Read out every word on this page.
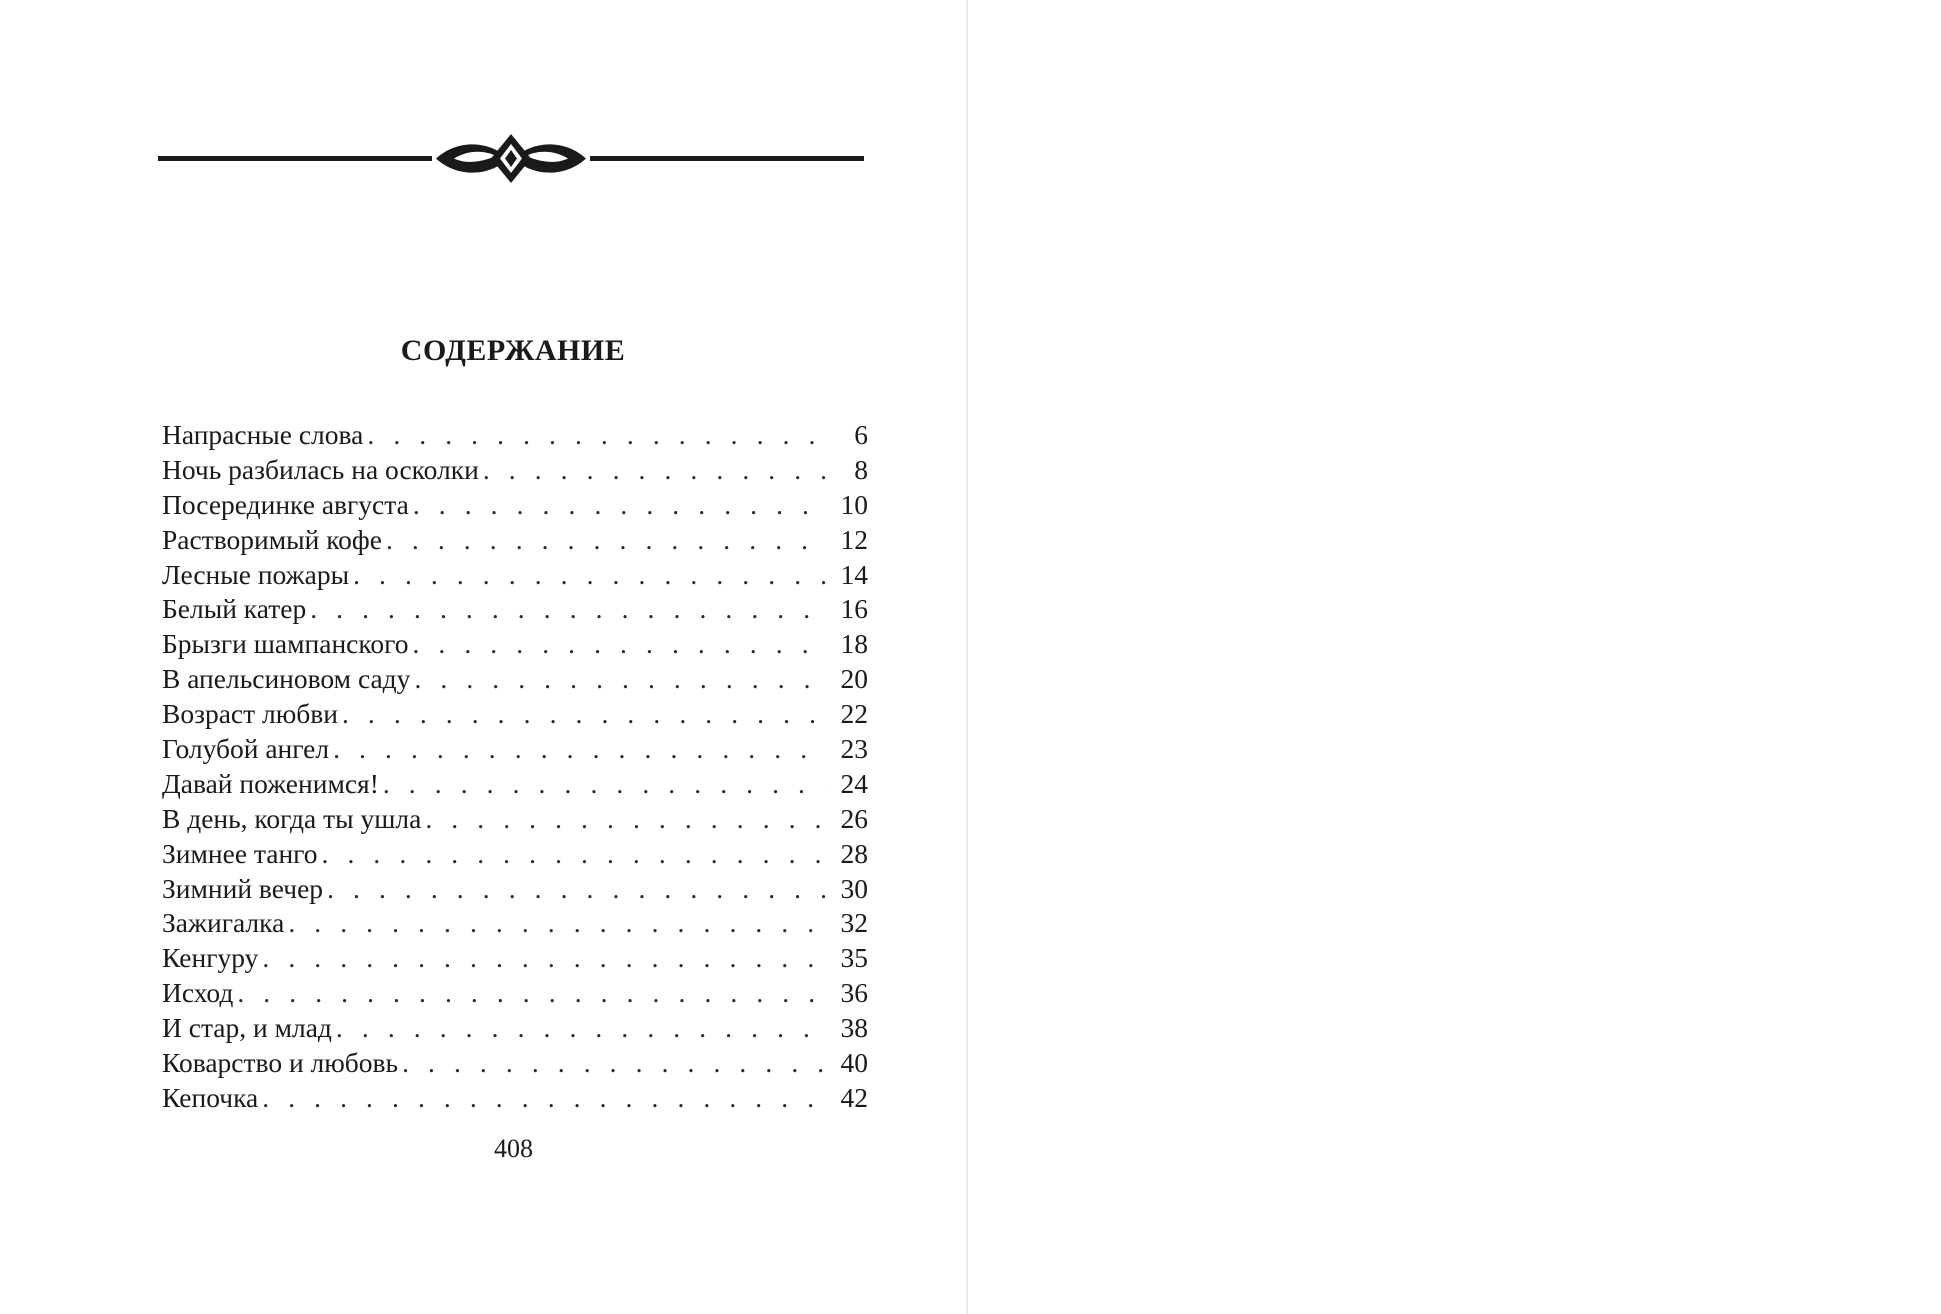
СОДЕРЖАНИЕ
Напрасные слова . . .	6
Ночь разбилась на осколки . . .	8
Посерединке августа . . .	10
Растворимый кофе . . .	12
Лесные пожары . . .	14
Белый катер . . .	16
Брызги шампанского . . .	18
В апельсиновом саду . . .	20
Возраст любви . . .	22
Голубой ангел . . .	23
Давай поженимся! . . .	24
В день, когда ты ушла . . .	26
Зимнее танго . . .	28
Зимний вечер . . .	30
Зажигалка . . .	32
Кенгуру . . .	35
Исход . . .	36
И стар, и млад . . .	38
Коварство и любовь . . .	40
Кепочка . . .	42
408
